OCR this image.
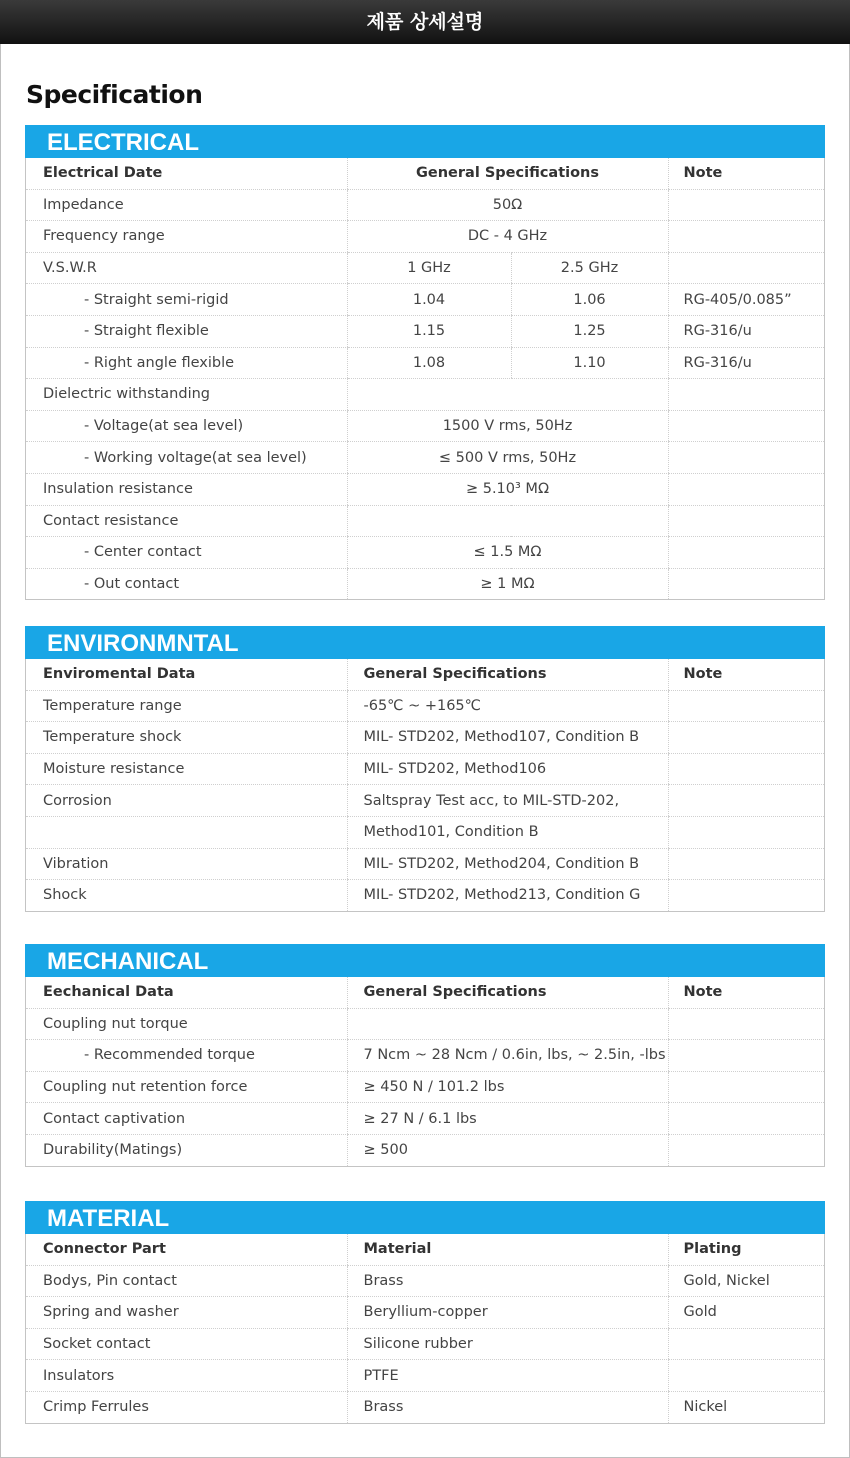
제품 상세설명
Specification
ELECTRICAL
Electrical Date	General Specifications		Note
Impedance	50Ω		
Frequency range	DC - 4 GHz		
V.S.W.R	1 GHz	2.5 GHz	
- Straight semi-rigid	1.04	1.06	RG-405/0.085”
- Straight flexible	1.15	1.25	RG-316/u
- Right angle flexible	1.08	1.10	RG-316/u
Dielectric withstanding			
- Voltage(at sea level)	1500 V rms, 50Hz		
- Working voltage(at sea level)	≤ 500 V rms, 50Hz		
Insulation resistance	≥ 5.10³ MΩ		
Contact resistance			
- Center contact	≤ 1.5 MΩ		
- Out contact	≥ 1 MΩ		
ENVIRONMNTAL
Enviromental Data	General Specifications	Note
Temperature range	-65℃ ~ +165℃	
Temperature shock	MIL- STD202, Method107, Condition B	
Moisture resistance	MIL- STD202, Method106	
Corrosion	Saltspray Test acc, to MIL-STD-202,	
	Method101, Condition B	
Vibration	MIL- STD202, Method204, Condition B	
Shock	MIL- STD202, Method213, Condition G	
MECHANICAL
Eechanical Data	General Specifications	Note
Coupling nut torque		
- Recommended torque	7 Ncm ~ 28 Ncm / 0.6in, lbs, ~ 2.5in, -lbs	
Coupling nut retention force	≥ 450 N / 101.2 lbs	
Contact captivation	≥ 27 N / 6.1 lbs	
Durability(Matings)	≥ 500	
MATERIAL
Connector Part	Material	Plating
Bodys, Pin contact	Brass	Gold, Nickel
Spring and washer	Beryllium-copper	Gold
Socket contact	Silicone rubber	
Insulators	PTFE	
Crimp Ferrules	Brass	Nickel
